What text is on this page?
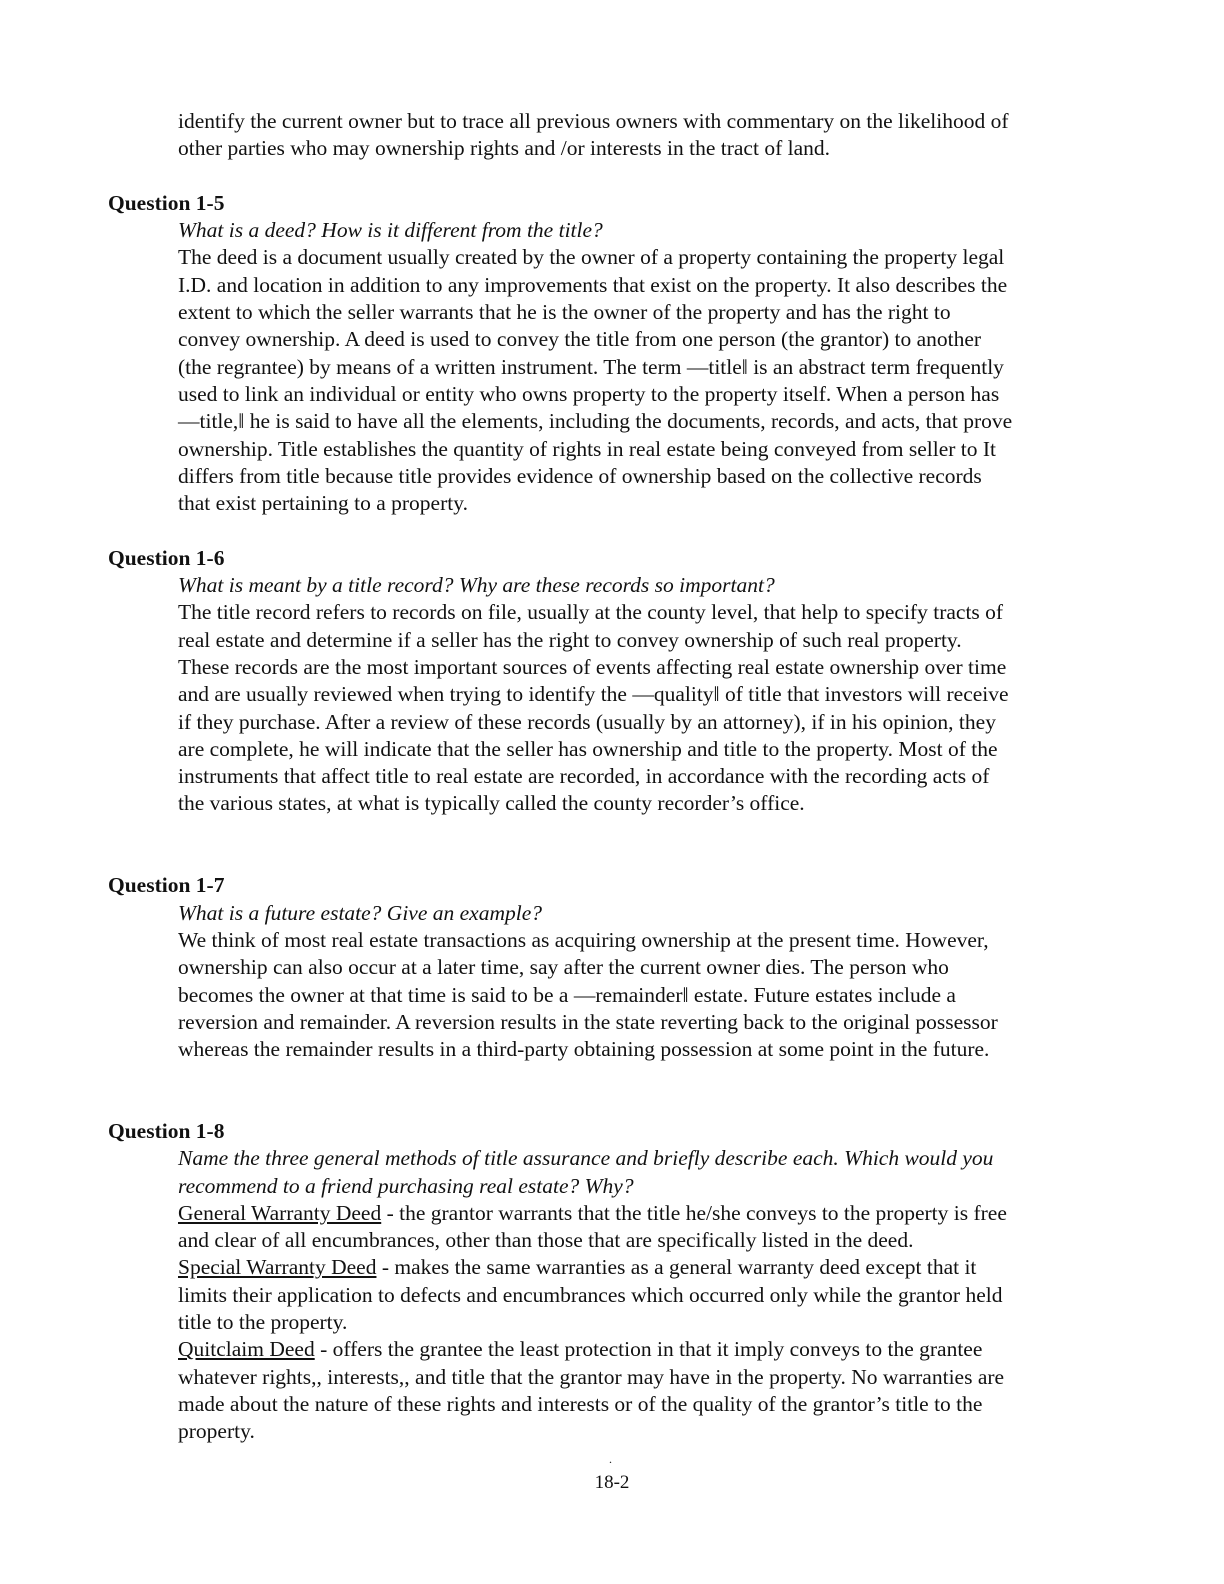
identify the current owner but to trace all previous owners with commentary on the likelihood of
other parties who may ownership rights and /or interests in the tract of land.
Question 1-5
What is a deed? How is it different from the title?
The deed is a document usually created by the owner of a property containing the property legal
I.D. and location in addition to any improvements that exist on the property. It also describes the
extent to which the seller warrants that he is the owner of the property and has the right to
convey ownership. A deed is used to convey the title from one person (the grantor) to another
(the regrantee) by means of a written instrument. The term —title‖ is an abstract term frequently
used to link an individual or entity who owns property to the property itself. When a person has
—title,‖ he is said to have all the elements, including the documents, records, and acts, that prove
ownership. Title establishes the quantity of rights in real estate being conveyed from seller to It
differs from title because title provides evidence of ownership based on the collective records
that exist pertaining to a property.
Question 1-6
What is meant by a title record? Why are these records so important?
The title record refers to records on file, usually at the county level, that help to specify tracts of
real estate and determine if a seller has the right to convey ownership of such real property.
These records are the most important sources of events affecting real estate ownership over time
and are usually reviewed when trying to identify the —quality‖ of title that investors will receive
if they purchase. After a review of these records (usually by an attorney), if in his opinion, they
are complete, he will indicate that the seller has ownership and title to the property. Most of the
instruments that affect title to real estate are recorded, in accordance with the recording acts of
the various states, at what is typically called the county recorder’s office.
Question 1-7
What is a future estate? Give an example?
We think of most real estate transactions as acquiring ownership at the present time. However,
ownership can also occur at a later time, say after the current owner dies. The person who
becomes the owner at that time is said to be a —remainder‖ estate. Future estates include a
reversion and remainder. A reversion results in the state reverting back to the original possessor
whereas the remainder results in a third-party obtaining possession at some point in the future.
Question 1-8
Name the three general methods of title assurance and briefly describe each. Which would you
recommend to a friend purchasing real estate? Why?
General Warranty Deed - the grantor warrants that the title he/she conveys to the property is free
and clear of all encumbrances, other than those that are specifically listed in the deed.
Special Warranty Deed - makes the same warranties as a general warranty deed except that it
limits their application to defects and encumbrances which occurred only while the grantor held
title to the property.
Quitclaim Deed - offers the grantee the least protection in that it imply conveys to the grantee
whatever rights,, interests,, and title that the grantor may have in the property. No warranties are
made about the nature of these rights and interests or of the quality of the grantor’s title to the
property.
.
18-2
